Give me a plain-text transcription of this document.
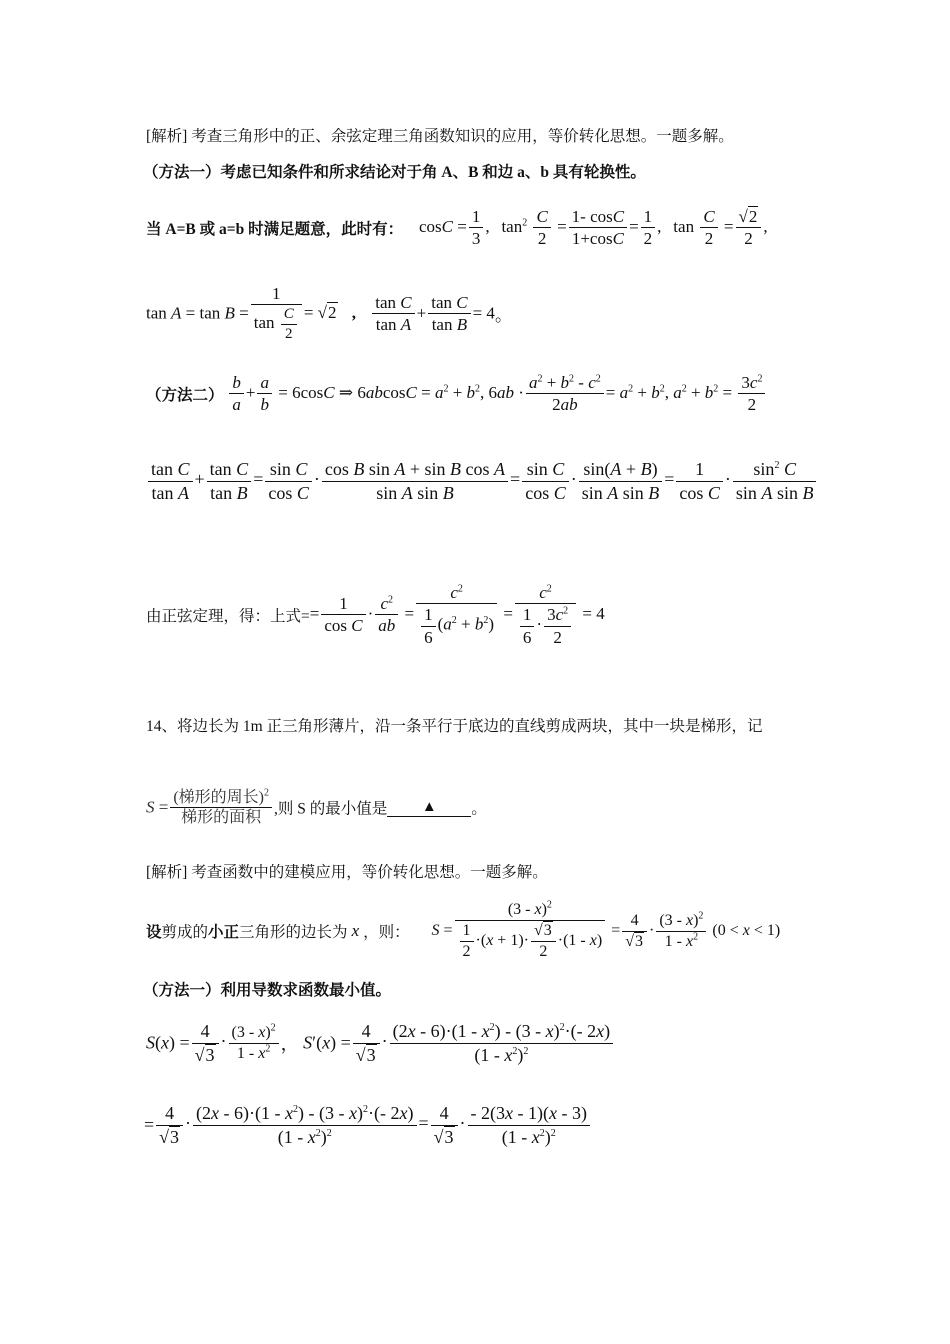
[解析] 考查三角形中的正、余弦定理三角函数知识的应用，等价转化思想。一题多解。
（方法一）考虑已知条件和所求结论对于角 A、B 和边 a、b 具有轮换性。
当 A=B 或 a=b 时满足题意，此时有： $\cos C = \frac{1}{3}$ , $\tan^2 \frac{C}{2} = \frac{1- \cos C}{1+\cos C} = \frac{1}{2}$ , $\tan \frac{C}{2} = \frac{√2}{2}$ ,
$\tan A = \tan B = \frac{1}{\tan \frac{C}{2}} = √2$ , $\frac{\text{tan C}}{\text{tan A}} + \frac{\text{tan C}}{\text{tan B}} = 4$。
（方法二） $\frac{b}{a} + \frac{a}{b} = 6\cos C$ ⇒ $6abcosC = a^2 + b^2$, $6ab \cdot \frac{a^2 + b^2 - c^2}{2ab} = a^2 + b^2$, $a^2 + b^2 = \frac{3c^2}{2}$
$\frac{\text{tan C}}{\text{tan A}} + \frac{\text{tan C}}{\text{tan B}} = \frac{\text{sin C}}{\text{cos C}} \cdot \frac{\text{cos B sin A + sin B cos A}}{\text{sin A sin B}} = \frac{\text{sin C}}{\text{cos C}} \cdot \frac{\sin(A + B)}{\text{sin A sin B}} = \frac{1}{\text{cos C}} \cdot \frac{\sin^2 C}{\text{sin A sin B}}$
由正弦定理，得：上式== $\frac{1}{\text{cos C}} \cdot \frac{c^2}{ab} = \frac{c^2}{\frac{1}{6} (a^2 + b^2)} = \frac{c^2}{\frac{1}{6} \cdot \frac{3c^2}{2}} = 4$
14、将边长为 1m 正三角形薄片，沿一条平行于底边的直线剪成两块，其中一块是梯形，记
S =
(梯形的周长)$^2$
梯形的面积 ,则 S 的最小值是 ▲ 。
[解析] 考查函数中的建模应用，等价转化思想。一题多解。
设剪成的小正三角形的边长为 x ，则： $S = \frac{(3 - x)^2}{\frac{1}{2} \cdot(x + 1)\cdot \frac{√3}{2} \cdot(1 - x)} = \frac{4}{√3} \cdot \frac{(3 - x)^2}{1 - x^2} (0 < x < 1)$
（方法一）利用导数求函数最小值。
$S(x) = \frac{4}{√3} \cdot \frac{(3 - x)^2}{1 - x^2}$ ， $S'(x) = \frac{4}{√3} \cdot \frac{(2x - 6)\cdot(1 - x^2) - (3 - x)^2\cdot(- 2x)}{(1 - x^2)^2}$
= $\frac{4}{√3} \cdot \frac{(2x - 6)\cdot(1 - x^2) - (3 - x)^2\cdot(- 2x)}{(1 - x^2)^2} = \frac{4}{√3} \cdot \frac{- 2(3x - 1)(x - 3)}{(1 - x^2)^2}$
